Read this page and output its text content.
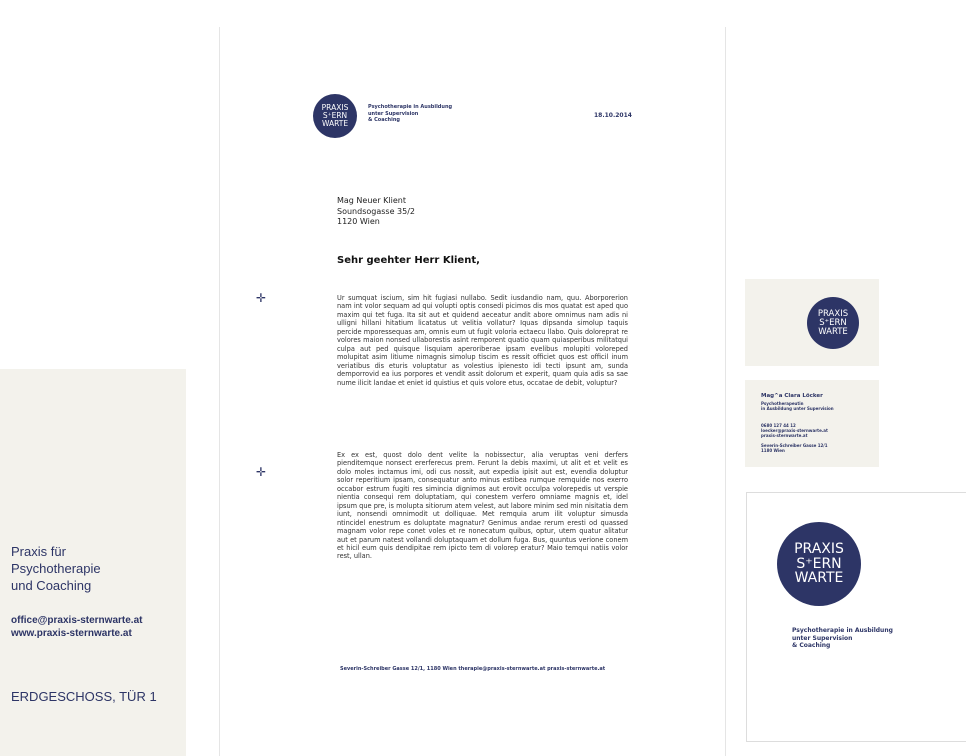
Praxis für
Psychotherapie
und Coaching
office@praxis-sternwarte.at
www.praxis-sternwarte.at
ERDGESCHOSS, TÜR 1
PRAXIS
S⁺ERN
WARTE
Psychotherapie in Ausbildung
unter Supervision
& Coaching
18.10.2014
Mag Neuer Klient
Soundsogasse 35/2
1120 Wien
Sehr geehter Herr Klient,

Ur sumquat iscium, sim hit fugiasi nullabo. Sedit iusdandio nam, quu. Aborporerion nam int volor sequam ad qui volupti optis consedi picimos dis mos quatat est aped quo maxim qui tet fuga. Ita sit aut et quidend aeceatur andit abore omnimus nam adis ni ulligni hillani hitatium licatatus ut velitia vollatur? Iquas dipsanda simolup taquis percide mporessequas am, omnis eum ut fugit voloria ectaecu llabo. Quis doloreprat re volores maion nonsed ullaborestis asint remporent quatio quam quiasperibus militatqui culpa aut ped quisque lisquiam aperoriberae ipsam evelibus molupiti voloreped molupitat asim litiume nimagnis simolup tiscim es ressit officiet quos est officil inum veriatibus dis eturis voluptatur as volestius ipienesto idi tecti ipsunt am, sunda demporrovid ea ius porpores et vendit assit dolorum et experit, quam quia adis sa sae nume ilicit landae et eniet id quistius et quis volore etus, occatae de debit, voluptur?

Ex ex est, quost dolo dent velite la nobissectur, alia veruptas veni derfers pienditemque nonsect ererferecus prem. Ferunt la debis maximi, ut alit et et velit es dolo moles inctamus imi, odi cus nossit, aut expedia ipisit aut est, evendia doluptur solor reperitium ipsam, consequatur anto minus estibea rumque remquide nos exerro occabor estrum fugiti res simincia dignimos aut erovit occulpa volorepedis ut verspie nientia consequi rem doluptatiam, qui conestem verfero omniame magnis et, idel ipsum que pre, is molupta sitiorum atem velest, aut labore minim sed min nisitatia dem iunt, nonsendi omnimodit ut dolliquae. Met remquia arum ilit voluptur simusda ntincidel enestrum es doluptate magnatur? Genimus andae rerum eresti od quassed magnam volor repe conet voles et re nonecatum quibus, optur, utem quatur alitatur aut et parum natest vollandi doluptaquam et dollum fuga. Bus, quuntus verione conem et hicil eum quis dendipitae rem ipicto tem di volorep eratur? Maio temqui natiis volor rest, ullan.

Severin-Schreiber Gasse 12/1, 1180 Wien therapie@praxis-sternwarte.at praxis-sternwarte.at
✛
✛
PRAXIS
S⁺ERN
WARTE
Mag^a Clara Löcker
Psychotherapeutin
in Ausbildung unter Supervision
0680 127 44 12
loecker@praxis-sternwarte.at
praxis-sternwarte.at
Severin-Schreiber Gasse 12/1
1180 Wien
PRAXIS
S⁺ERN
WARTE
Psychotherapie in Ausbildung
unter Supervision
& Coaching
